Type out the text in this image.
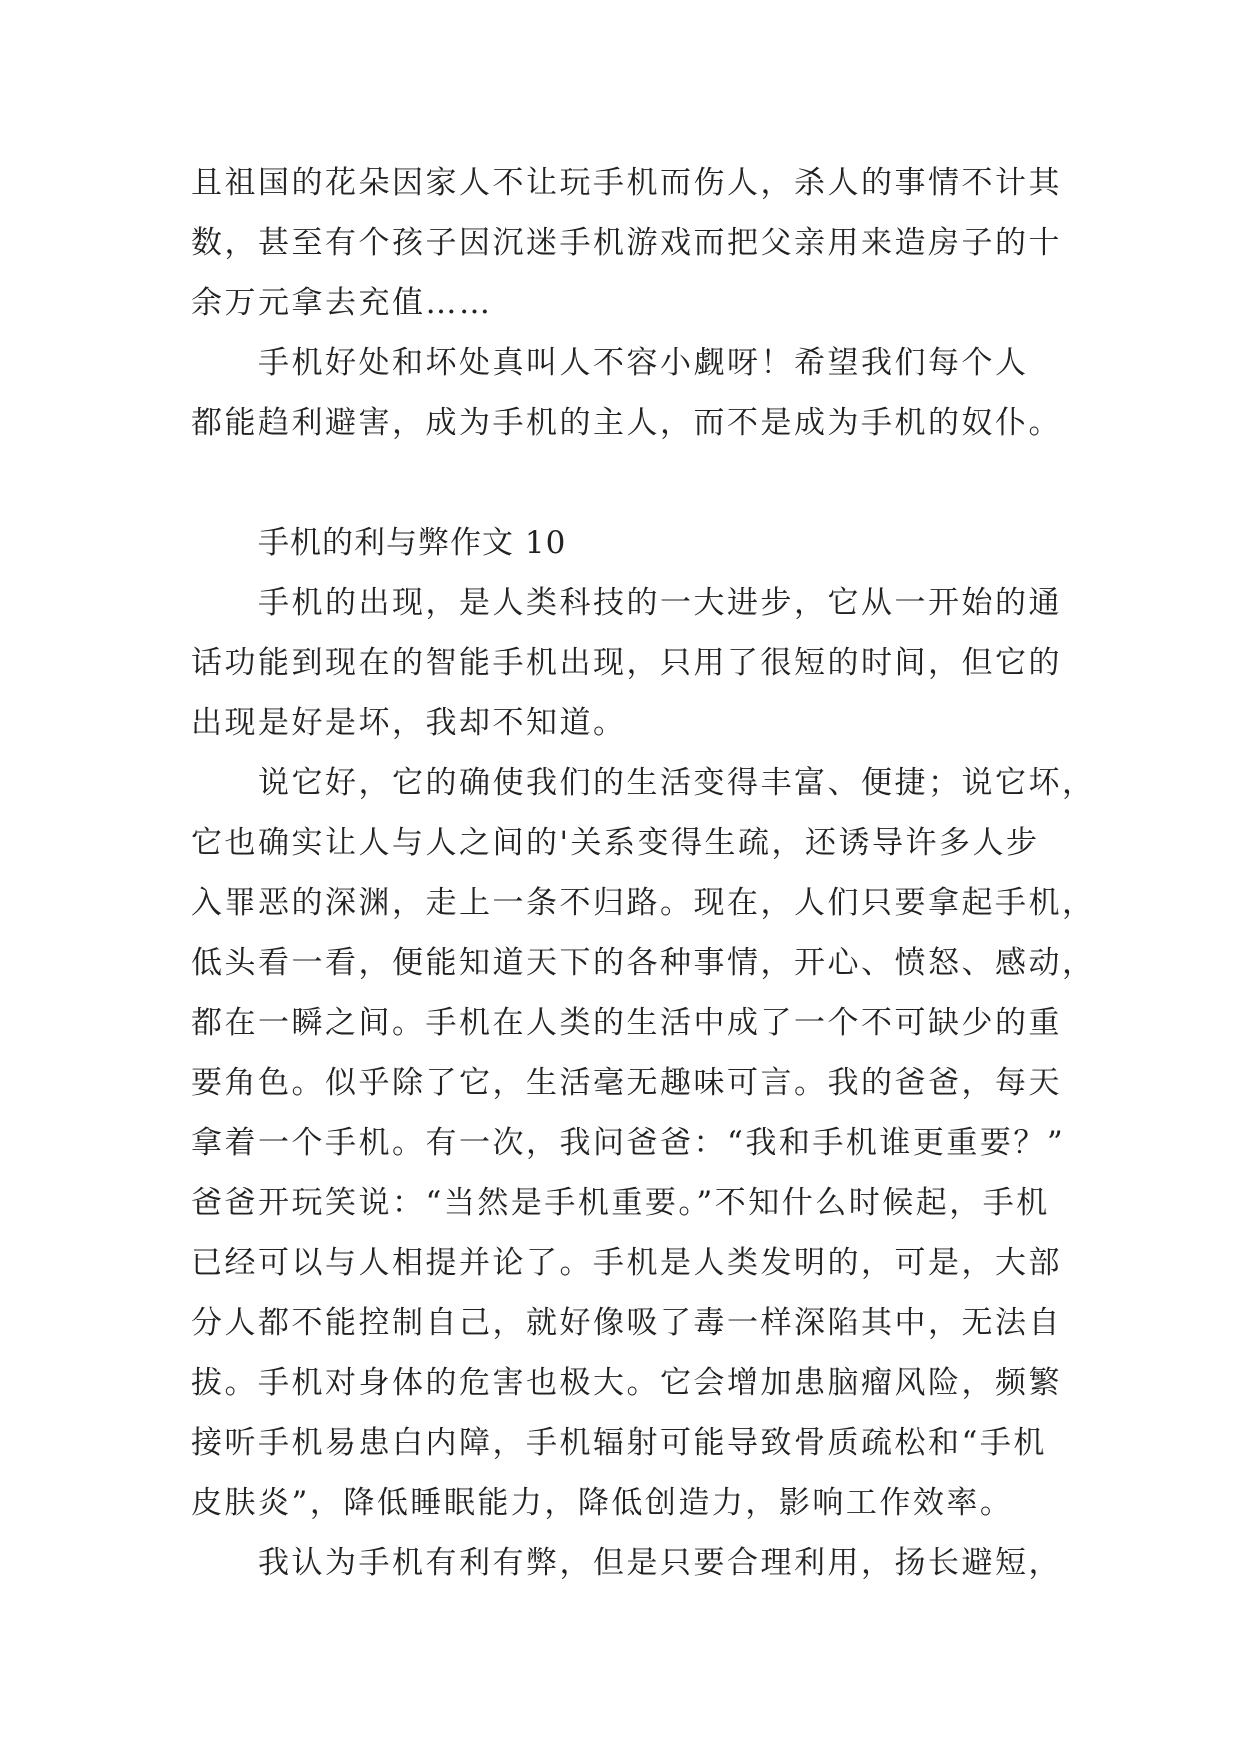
且祖国的花朵因家人不让玩手机而伤人，杀人的事情不计其
数，甚至有个孩子因沉迷手机游戏而把父亲用来造房子的十
余万元拿去充值……
手机好处和坏处真叫人不容小觑呀！希望我们每个人
都能趋利避害，成为手机的主人，而不是成为手机的奴仆。
手机的利与弊作文 10
手机的出现，是人类科技的一大进步，它从一开始的通
话功能到现在的智能手机出现，只用了很短的时间，但它的
出现是好是坏，我却不知道。
说它好，它的确使我们的生活变得丰富、便捷；说它坏，
它也确实让人与人之间的'关系变得生疏，还诱导许多人步
入罪恶的深渊，走上一条不归路。现在，人们只要拿起手机，
低头看一看，便能知道天下的各种事情，开心、愤怒、感动，
都在一瞬之间。手机在人类的生活中成了一个不可缺少的重
要角色。似乎除了它，生活毫无趣味可言。我的爸爸，每天
拿着一个手机。有一次，我问爸爸：“我和手机谁更重要？”
爸爸开玩笑说：“当然是手机重要。”不知什么时候起，手机
已经可以与人相提并论了。手机是人类发明的，可是，大部
分人都不能控制自己，就好像吸了毒一样深陷其中，无法自
拔。手机对身体的危害也极大。它会增加患脑瘤风险，频繁
接听手机易患白内障，手机辐射可能导致骨质疏松和“手机
皮肤炎”，降低睡眠能力，降低创造力，影响工作效率。
我认为手机有利有弊，但是只要合理利用，扬长避短，
